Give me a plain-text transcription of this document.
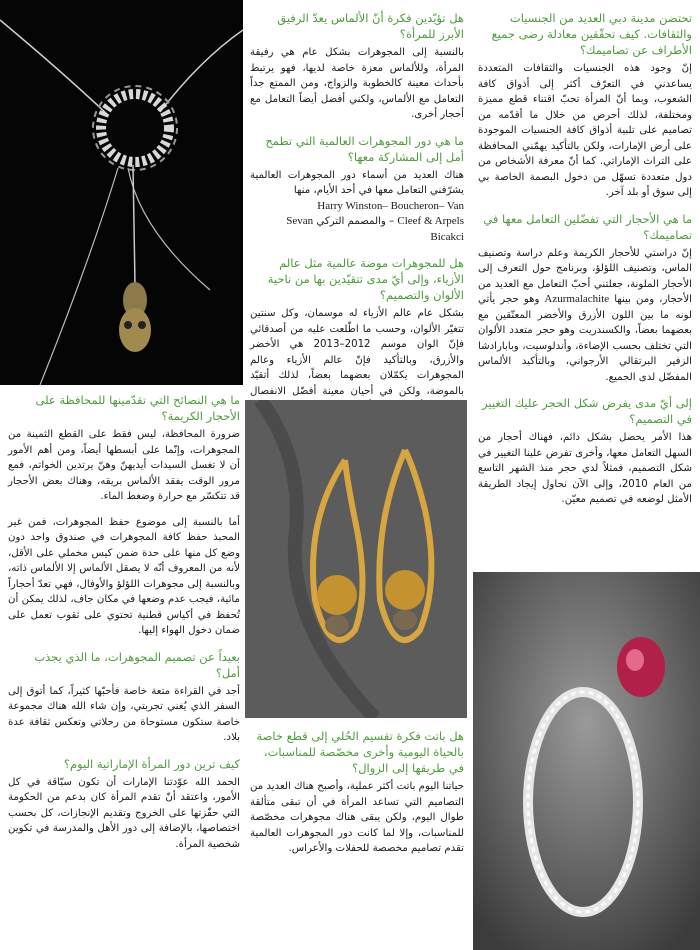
تحتضن مدينة دبي العديد من الجنسيات والثقافات. كيف تحقّقين معادلة رضى جميع الأطراف عن تصاميمك؟

إنّ وجود هذه الجنسيات والثقافات المتعددة يساعدني في التعرّف أكثر إلى أذواق كافة الشعوب، وبما أنّ المرأة تحبّ اقتناء قطع مميزة ومختلفة، لذلك أحرص من خلال ما أقدّمه من تصاميم على تلبية أذواق كافة الجنسيات الموجودة على أرض الإمارات، ولكن بالتأكيد يهمّني المحافظة على التراث الإماراتي. كما أنّ معرفة الأشخاص من دول متعددة تسهّل من دخول البصمة الخاصة بي إلى سوق أو بلد آخر.

ما هي الأحجار التي تفضّلين التعامل معها في تصاميمك؟

إنّ دراستي للأحجار الكريمة وعلم دراسة وتصنيف الماس، وتصنيف اللؤلؤ، وبرنامج حول التعرف إلى الأحجار الملونة، جعلتني أحبّ التعامل مع العديد من الأحجار، ومن بينها Azurmalachite وهو حجر يأتي لونه ما بين اللون الأزرق والأخضر المعتّقين مع بعضهما بعضاً، والكسندريت وهو حجر متعدد الألوان التي تختلف بحسب الإضاءة، وأندلوسيت، وبابارادشا الزفير البرتقالي الأرجواني، وبالتأكيد الألماس المفضّل لدى الجميع.

إلى أيّ مدى يفرض شكل الحجر عليك التغيير في التصميم؟

هذا الأمر يحصل بشكل دائم، فهناك أحجار من السهل التعامل معها، وأخرى تفرض علينا التغيير في شكل التصميم، فمثلاً لدي حجر منذ الشهر التاسع من العام 2010، وإلى الآن نحاول إيجاد الطريقة الأمثل لوضعه في تصميم معيّن.

هل تؤيّدين فكرة أنّ الألماس يعدّ الرفيق الأبرز للمرأة؟

بالنسبة إلى المجوهرات بشكل عام هي رفيقة المرأة، وللألماس معزة خاصة لديها، فهو يرتبط بأحداث معينة كالخطوبة والزواج، ومن الممتع جداً التعامل مع الألماس، ولكني أفضل أيضاً التعامل مع أحجار أخرى.

ما هي دور المجوهرات العالمية التي تطمح أمل إلى المشاركة معها؟

هناك العديد من أسماء دور المجوهرات العالمية يشرّفني التعامل معها في أحد الأيام، منها
Harry Winston– Boucheron– Van
Cleef & Arpels – والمصمم التركي Sevan
Bicakci

هل للمجوهرات موضة عالمية مثل عالم الأزياء، وإلى أيّ مدى تتقيّدين بها من ناحية الألوان والتصميم؟

بشكل عام عالم الأزياء له موسمان، وكل سنتين تتغيّر الألوان، وحسب ما اطّلعت عليه من أصدقائي فإنّ الوان موسم 2012–2013 هي الأخضر والأزرق، وبالتأكيد فإنّ عالم الأزياء وعالم المجوهرات يكمّلان بعضهما بعضاً، لذلك أتقيّد بالموضة، ولكن في أحيان معينة أفضّل الانفصال

هل باتت فكرة تقسيم الحُلي إلى قطع خاصة بالحياة اليومية وأخرى مخصّصة للمناسبات، في طريقها إلى الزوال؟

حياتنا اليوم باتت أكثر عملية، وأصبح هناك العديد من التصاميم التي تساعد المرأة في أن تبقى متألقة طوال اليوم، ولكن يبقى هناك مجوهرات مخصّصة للمناسبات، وإلا لما كانت دور المجوهرات العالمية تقدم تصاميم مخصصة للحفلات والأعراس.

ما هي النصائح التي تقدّمينها للمحافظة على الأحجار الكريمة؟

ضرورة المحافظة، ليس فقط على القطع الثمينة من المجوهرات، وإنّما على أبسطها أيضاً، ومن أهم الأمور أن لا تغسل السيدات أيديهنّ وهنّ يرتدين الخواتم، فمع مرور الوقت يفقد الألماس بريقه، وهناك بعض الأحجار قد تتكسّر مع حرارة وضغط الماء.

أما بالنسبة إلى موضوع حفظ المجوهرات، فمن غير المحبذ حفظ كافة المجوهرات في صندوق واحد دون وضع كل منها على حدة ضمن كيس مخملي على الأقل، لأنه من المعروف أنّه لا يصقل الألماس إلا الألماس ذاته، وبالنسبة إلى مجوهرات اللؤلؤ والأوفال، فهي تعدّ أحجاراً مائية، فيجب عدم وضعها في مكان جاف، لذلك يمكن أن تُحفظ في أكياس قطنية تحتوي على ثقوب تعمل على ضمان دخول الهواء إليها.

بعيداً عن تصميم المجوهرات، ما الذي يجذب أمل؟

أجد في القراءة متعة خاصة فأحبّها كثيراً، كما أتوق إلى السفر الذي يُغني تجربتي، وإن شاء الله هناك مجموعة خاصة ستكون مستوحاة من رحلاتي وتعكس ثقافة عدة بلاد.

كيف ترين دور المرأة الإماراتية اليوم؟

الحمد الله عوّدتنا الإمارات أن تكون سبّاقة في كل الأمور، واعتقد أنّ تقدم المرأة كان بدعم من الحكومة التي حفّزتها على الخروج وتقديم الإنجازات، كل بحسب اختصاصها، بالإضافة إلى دور الأهل والمدرسة في تكوين شخصية المرأة.
